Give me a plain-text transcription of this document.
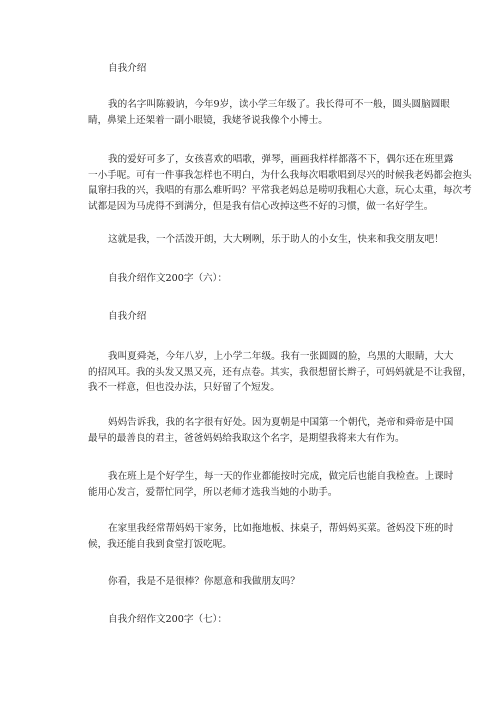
自我介绍
我的名字叫陈毅讷，今年9岁，读小学三年级了。我长得可不一般，圆头圆脑圆眼
睛，鼻梁上还架着一副小眼镜，我姥爷说我像个小博士。
我的爱好可多了，女孩喜欢的唱歌，弹琴，画画我样样都落不下，偶尔还在班里露
一小手呢。可有一件事我怎样也不明白，为什么我每次唱歌唱到尽兴的时候我老妈都会抱头
鼠窜扫我的兴，我唱的有那么难听吗？平常我老妈总是唠叨我粗心大意，玩心太重，每次考
试都是因为马虎得不到满分，但是我有信心改掉这些不好的习惯，做一名好学生。
这就是我，一个活泼开朗，大大咧咧，乐于助人的小女生，快来和我交朋友吧！
自我介绍作文200字（六）：
自我介绍
我叫夏舜尧，今年八岁，上小学二年级。我有一张圆圆的脸，乌黑的大眼睛，大大
的招风耳。我的头发又黑又亮，还有点卷。其实，我很想留长辫子，可妈妈就是不让我留，
我不一样意，但也没办法，只好留了个短发。
妈妈告诉我，我的名字很有好处。因为夏朝是中国第一个朝代，尧帝和舜帝是中国
最早的最善良的君主，爸爸妈妈给我取这个名字，是期望我将来大有作为。
我在班上是个好学生，每一天的作业都能按时完成，做完后也能自我检查。上课时
能用心发言，爱帮忙同学，所以老师才选我当她的小助手。
在家里我经常帮妈妈干家务，比如拖地板、抹桌子，帮妈妈买菜。爸妈没下班的时
候，我还能自我到食堂打饭吃呢。
你看，我是不是很棒？你愿意和我做朋友吗？
自我介绍作文200字（七）：
